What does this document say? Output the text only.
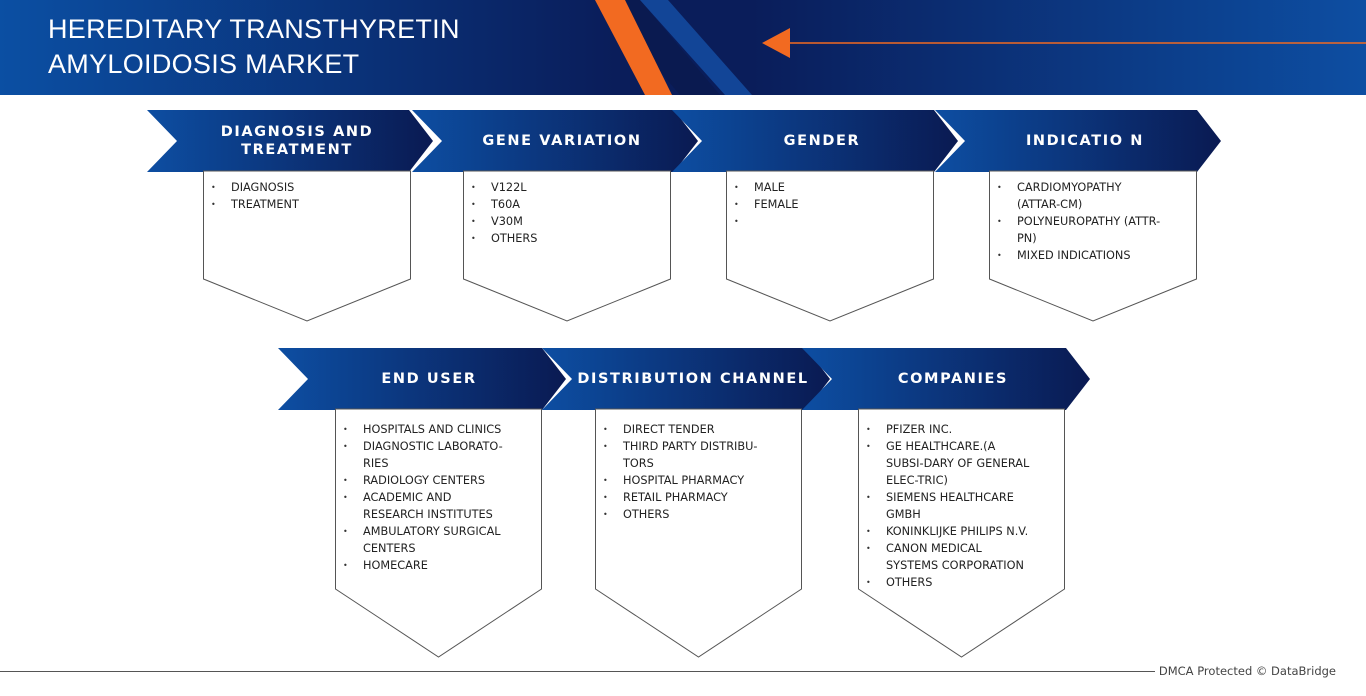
HEREDITARY TRANSTHYRETIN AMYLOIDOSIS MARKET
DIAGNOSIS AND TREATMENT
• DIAGNOSIS
• TREATMENT
GENE VARIATION
• V122L
• T60A
• V30M
• OTHERS
GENDER
• MALE
• FEMALE
•
INDICATIO N
• CARDIOMYOPATHY (ATTAR-CM)
• POLYNEUROPATHY (ATTR-PN)
• MIXED INDICATIONS
END USER
• HOSPITALS AND CLINICS
• DIAGNOSTIC LABORATO-RIES
• RADIOLOGY CENTERS
• ACADEMIC AND RESEARCH INSTITUTES
• AMBULATORY SURGICAL CENTERS
• HOMECARE
DISTRIBUTION CHANNEL
• DIRECT TENDER
• THIRD PARTY DISTRIBU-TORS
• HOSPITAL PHARMACY
• RETAIL PHARMACY
• OTHERS
COMPANIES
• PFIZER INC.
• GE HEALTHCARE.(A SUBSI-DARY OF GENERAL ELEC-TRIC)
• SIEMENS HEALTHCARE GMBH
• KONINKLIJKE PHILIPS N.V.
• CANON MEDICAL SYSTEMS CORPORATION
• OTHERS
DMCA Protected © DataBridge
